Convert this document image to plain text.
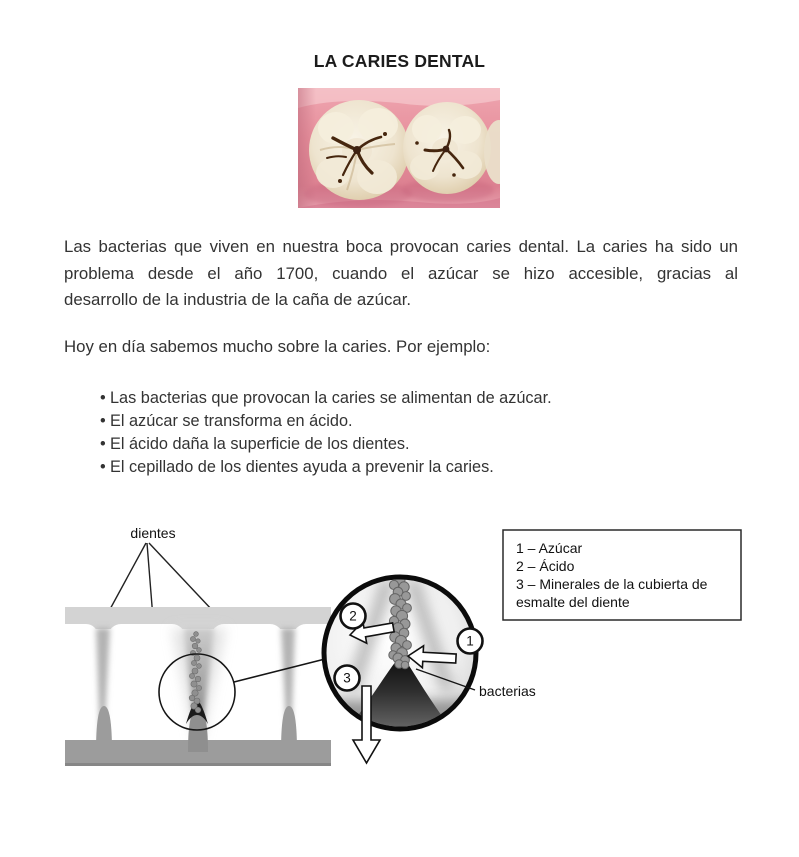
LA CARIES DENTAL
Las bacterias que viven en nuestra boca provocan caries dental. La caries ha sido un
problema desde el año 1700, cuando el azúcar se hizo accesible, gracias al
desarrollo de la industria de la caña de azúcar.
Hoy en día sabemos mucho sobre la caries. Por ejemplo:
• Las bacterias que provocan la caries se alimentan de azúcar.
• El azúcar se transforma en ácido.
• El ácido daña la superficie de los dientes.
• El cepillado de los dientes ayuda a prevenir la caries.
dientes
2
3
1
bacterias
1 – Azúcar
2 – Ácido
3 – Minerales de la cubierta de
esmalte del diente
